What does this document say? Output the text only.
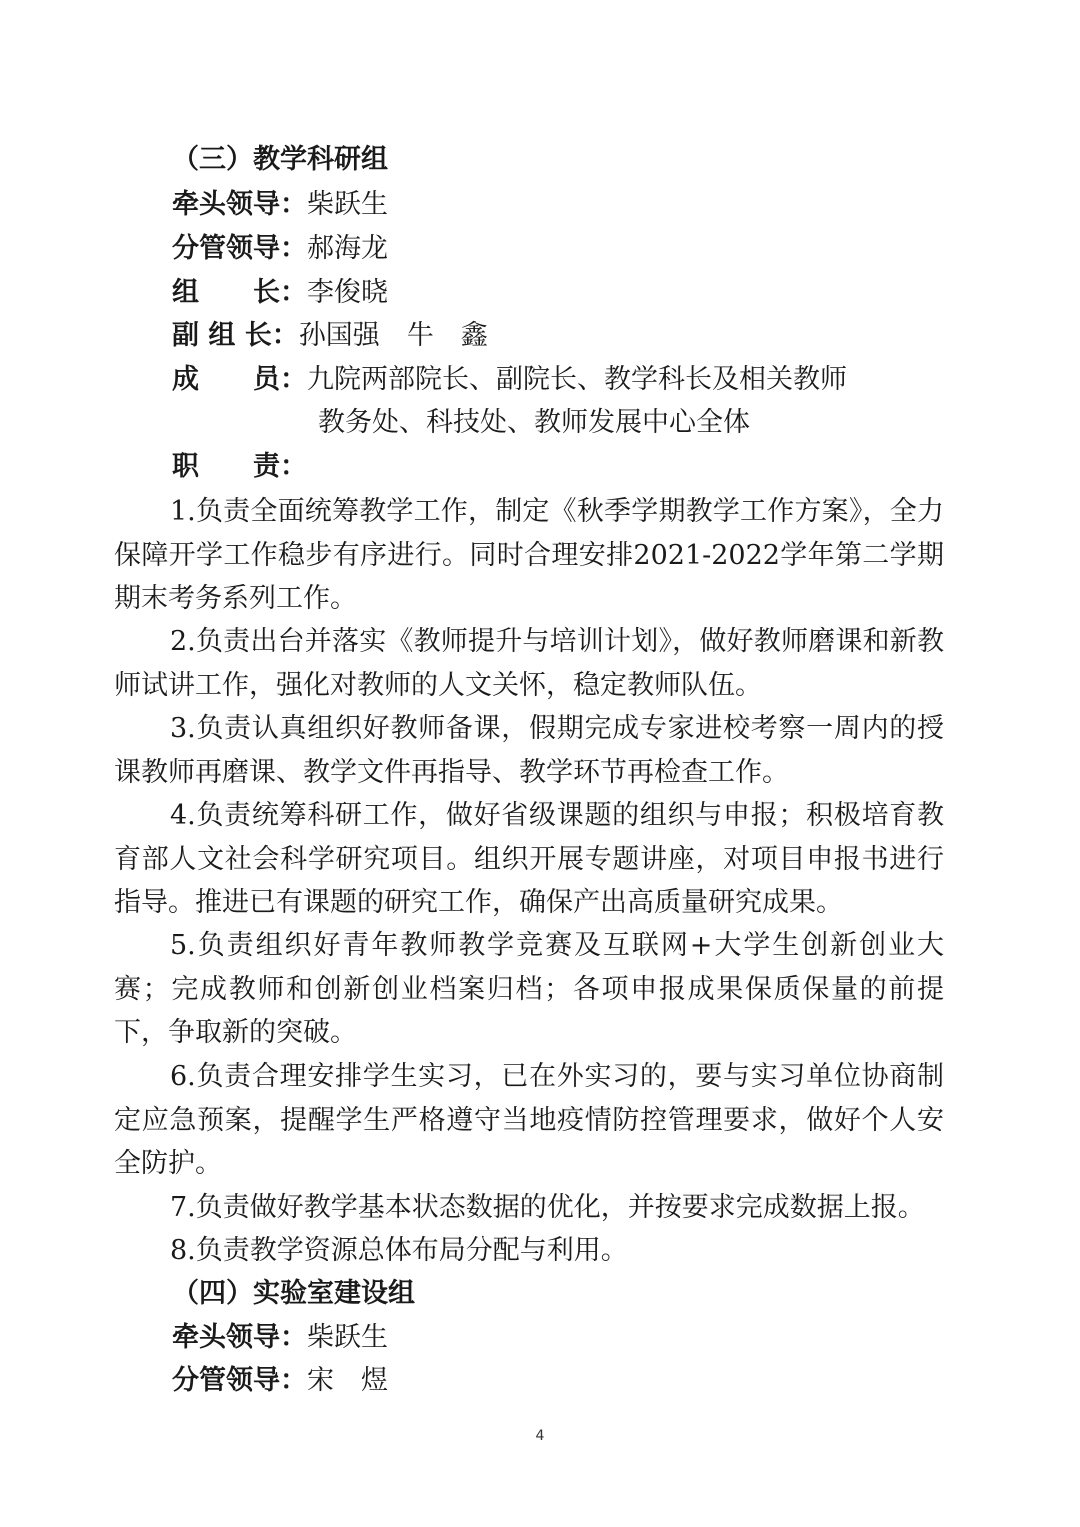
（三）教学科研组
牵头领导：柴跃生
分管领导：郝海龙
组　　长：李俊晓
副 组 长：孙国强　牛　鑫
成　　员：九院两部院长、副院长、教学科长及相关教师
教务处、科技处、教师发展中心全体
职　　责：

1.负责全面统筹教学工作，制定《秋季学期教学工作方案》，全力保障开学工作稳步有序进行。同时合理安排2021-2022学年第二学期期末考务系列工作。

2.负责出台并落实《教师提升与培训计划》，做好教师磨课和新教师试讲工作，强化对教师的人文关怀，稳定教师队伍。

3.负责认真组织好教师备课，假期完成专家进校考察一周内的授课教师再磨课、教学文件再指导、教学环节再检查工作。

4.负责统筹科研工作，做好省级课题的组织与申报；积极培育教育部人文社会科学研究项目。组织开展专题讲座，对项目申报书进行指导。推进已有课题的研究工作，确保产出高质量研究成果。

5.负责组织好青年教师教学竞赛及互联网+大学生创新创业大赛；完成教师和创新创业档案归档；各项申报成果保质保量的前提下，争取新的突破。

6.负责合理安排学生实习，已在外实习的，要与实习单位协商制定应急预案，提醒学生严格遵守当地疫情防控管理要求，做好个人安全防护。

7.负责做好教学基本状态数据的优化，并按要求完成数据上报。

8.负责教学资源总体布局分配与利用。

（四）实验室建设组
牵头领导：柴跃生
分管领导：宋　煜
4
